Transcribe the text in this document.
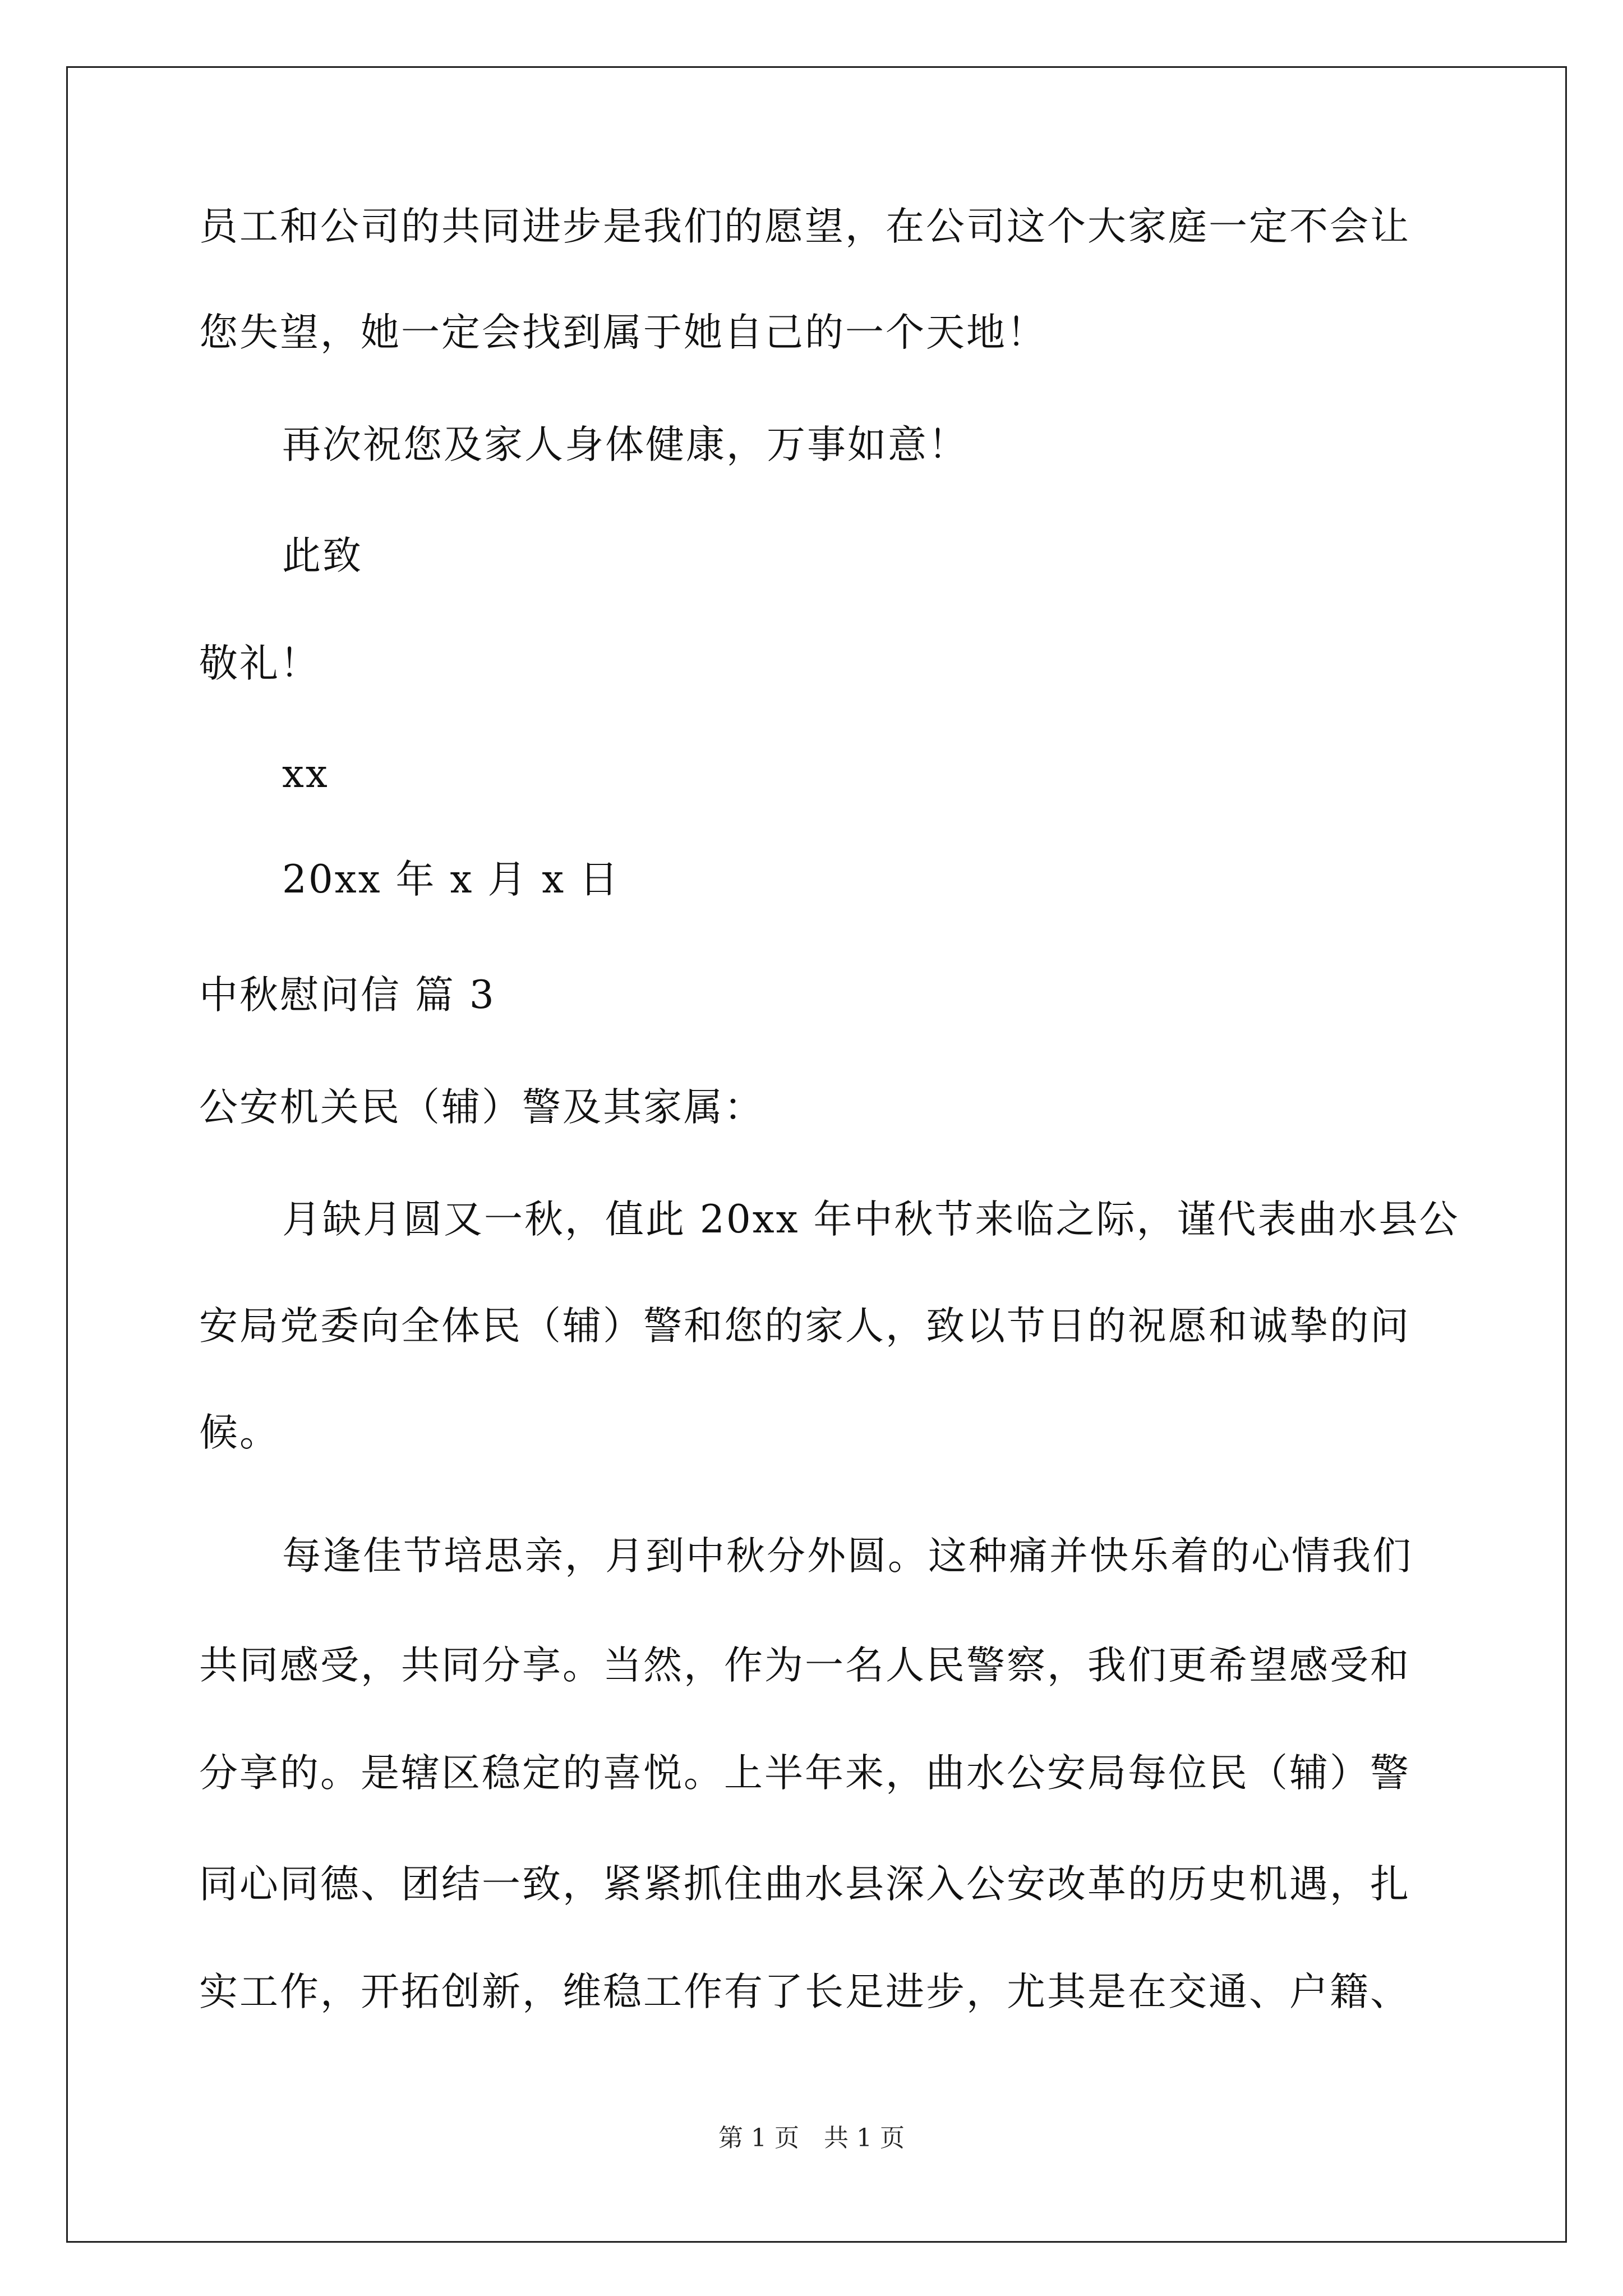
员工和公司的共同进步是我们的愿望，在公司这个大家庭一定不会让
您失望，她一定会找到属于她自己的一个天地！
再次祝您及家人身体健康，万事如意！
此致
敬礼！
xx
20xx 年 x 月 x 日
中秋慰问信 篇 3
公安机关民（辅）警及其家属：
月缺月圆又一秋，值此 20xx 年中秋节来临之际，谨代表曲水县公
安局党委向全体民（辅）警和您的家人，致以节日的祝愿和诚挚的问
候。
每逢佳节培思亲，月到中秋分外圆。这种痛并快乐着的心情我们
共同感受，共同分享。当然，作为一名人民警察，我们更希望感受和
分享的。是辖区稳定的喜悦。上半年来，曲水公安局每位民（辅）警
同心同德、团结一致，紧紧抓住曲水县深入公安改革的历史机遇，扎
实工作，开拓创新，维稳工作有了长足进步，尤其是在交通、户籍、
第 1 页　共 1 页
